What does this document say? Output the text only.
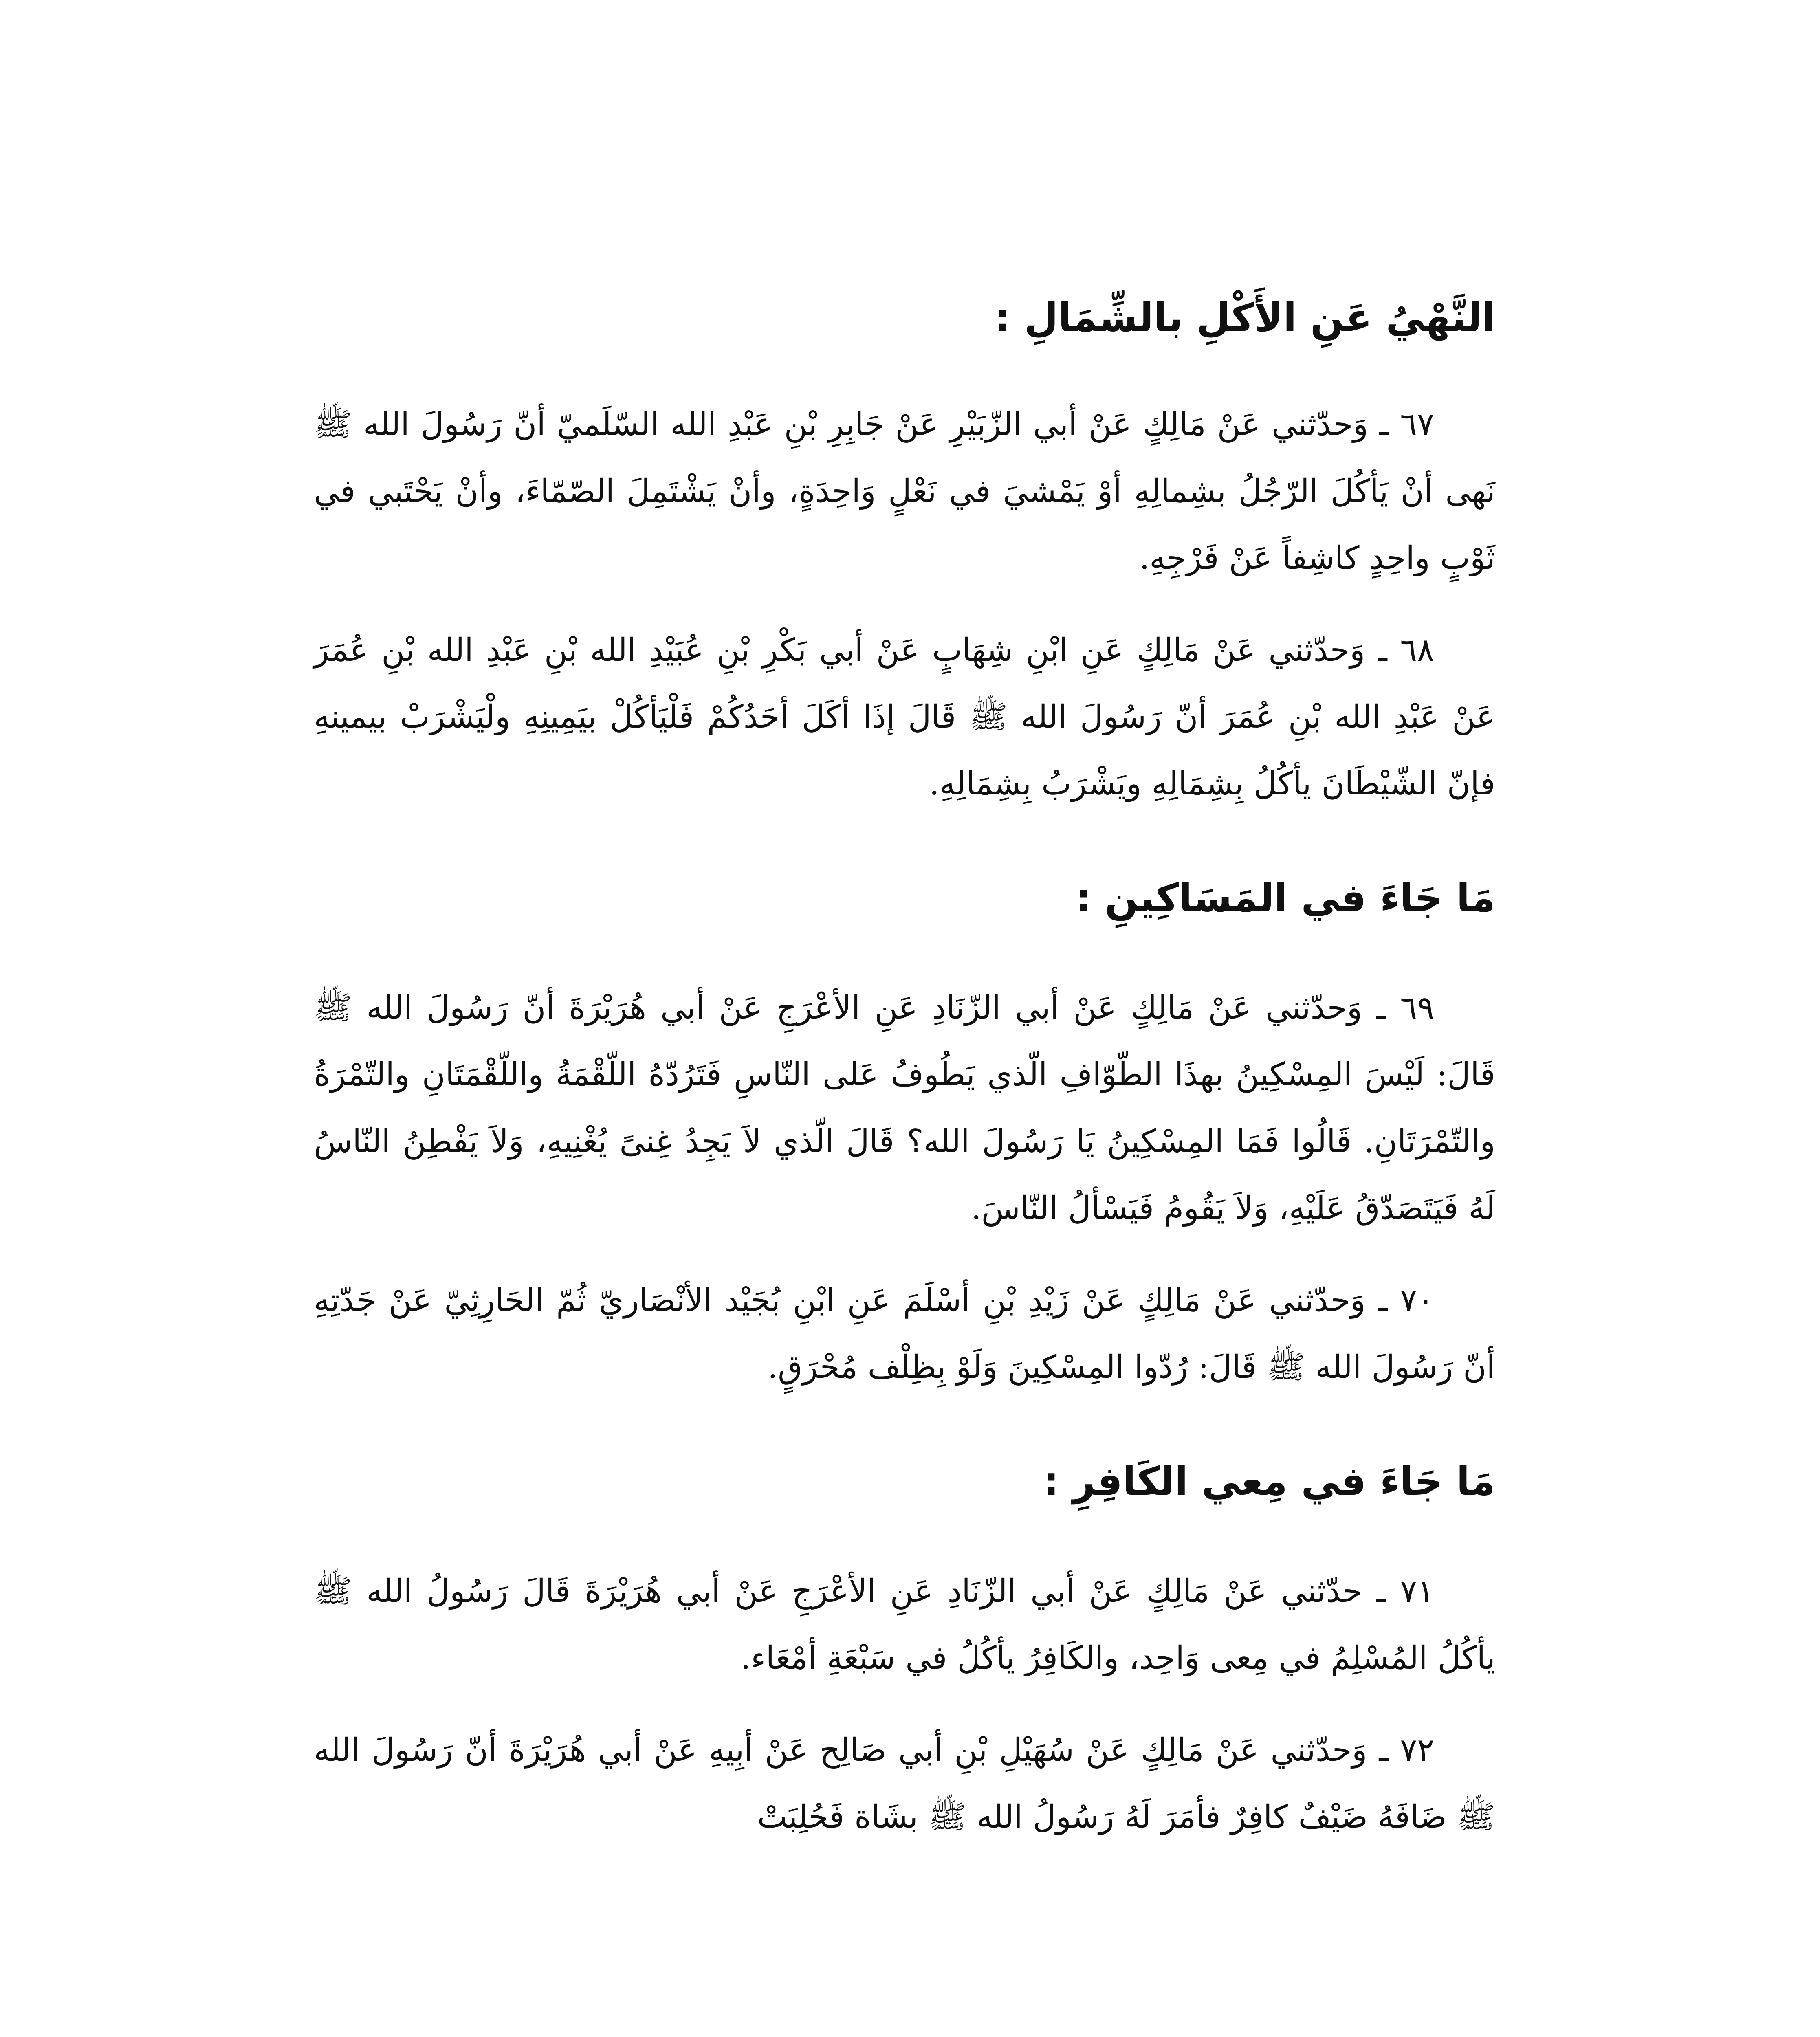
النَّهْيُ عَنِ الأَكْلِ بالشِّمَالِ :

٦٧ ـ وَحدّثني عَنْ مَالِكٍ عَنْ أبي الزّبَيْرِ عَنْ جَابِرِ بْنِ عَبْدِ الله السّلَميّ أنّ رَسُولَ الله ﷺ نَهى أنْ يَأكُلَ الرّجُلُ بشِمالِهِ أوْ يَمْشيَ في نَعْلٍ وَاحِدَةٍ، وأنْ يَشْتَمِلَ الصّمّاءَ، وأنْ يَحْتَبي في ثَوْبٍ واحِدٍ كاشِفاً عَنْ فَرْجِهِ.

٦٨ ـ وَحدّثني عَنْ مَالِكٍ عَنِ ابْنِ شِهَابٍ عَنْ أبي بَكْرِ بْنِ عُبَيْدِ الله بْنِ عَبْدِ الله بْنِ عُمَرَ عَنْ عَبْدِ الله بْنِ عُمَرَ أنّ رَسُولَ الله ﷺ قَالَ إذَا أكَلَ أحَدُكُمْ فَلْيَأكُلْ بيَمِينِهِ ولْيَشْرَبْ بيمينهِ فإنّ الشّيْطَانَ يأكُلُ بِشِمَالِهِ ويَشْرَبُ بِشِمَالِهِ.

مَا جَاءَ في المَسَاكِينِ :

٦٩ ـ وَحدّثني عَنْ مَالِكٍ عَنْ أبي الزّنَادِ عَنِ الأعْرَجِ عَنْ أبي هُرَيْرَةَ أنّ رَسُولَ الله ﷺ قَالَ: لَيْسَ المِسْكِينُ بهذَا الطّوّافِ الّذي يَطُوفُ عَلى النّاسِ فَتَرُدّهُ اللّقْمَةُ واللّقْمَتَانِ والتّمْرَةُ والتّمْرَتَانِ. قَالُوا فَمَا المِسْكِينُ يَا رَسُولَ الله؟ قَالَ الّذي لاَ يَجِدُ غِنىً يُغْنِيهِ، وَلاَ يَفْطِنُ النّاسُ لَهُ فَيَتَصَدّقُ عَلَيْهِ، وَلاَ يَقُومُ فَيَسْألُ النّاسَ.

٧٠ ـ وَحدّثني عَنْ مَالِكٍ عَنْ زَيْدِ بْنِ أسْلَمَ عَنِ ابْنِ بُجَيْد الأنْصَاريّ ثُمّ الحَارِثِيّ عَنْ جَدّتِهِ أنّ رَسُولَ الله ﷺ قَالَ: رُدّوا المِسْكِينَ وَلَوْ بِظِلْف مُحْرَقٍ.

مَا جَاءَ في مِعي الكَافِرِ :

٧١ ـ حدّثني عَنْ مَالِكٍ عَنْ أبي الزّنَادِ عَنِ الأعْرَجِ عَنْ أبي هُرَيْرَةَ قَالَ رَسُولُ الله ﷺ يأكُلُ المُسْلِمُ في مِعى وَاحِد، والكَافِرُ يأكُلُ في سَبْعَةِ أمْعَاء.

٧٢ ـ وَحدّثني عَنْ مَالِكٍ عَنْ سُهَيْلِ بْنِ أبي صَالِح عَنْ أبِيهِ عَنْ أبي هُرَيْرَةَ أنّ رَسُولَ الله ﷺ ضَافَهُ ضَيْفٌ كافِرٌ فأمَرَ لَهُ رَسُولُ الله ﷺ بشَاة فَحُلِبَتْ
